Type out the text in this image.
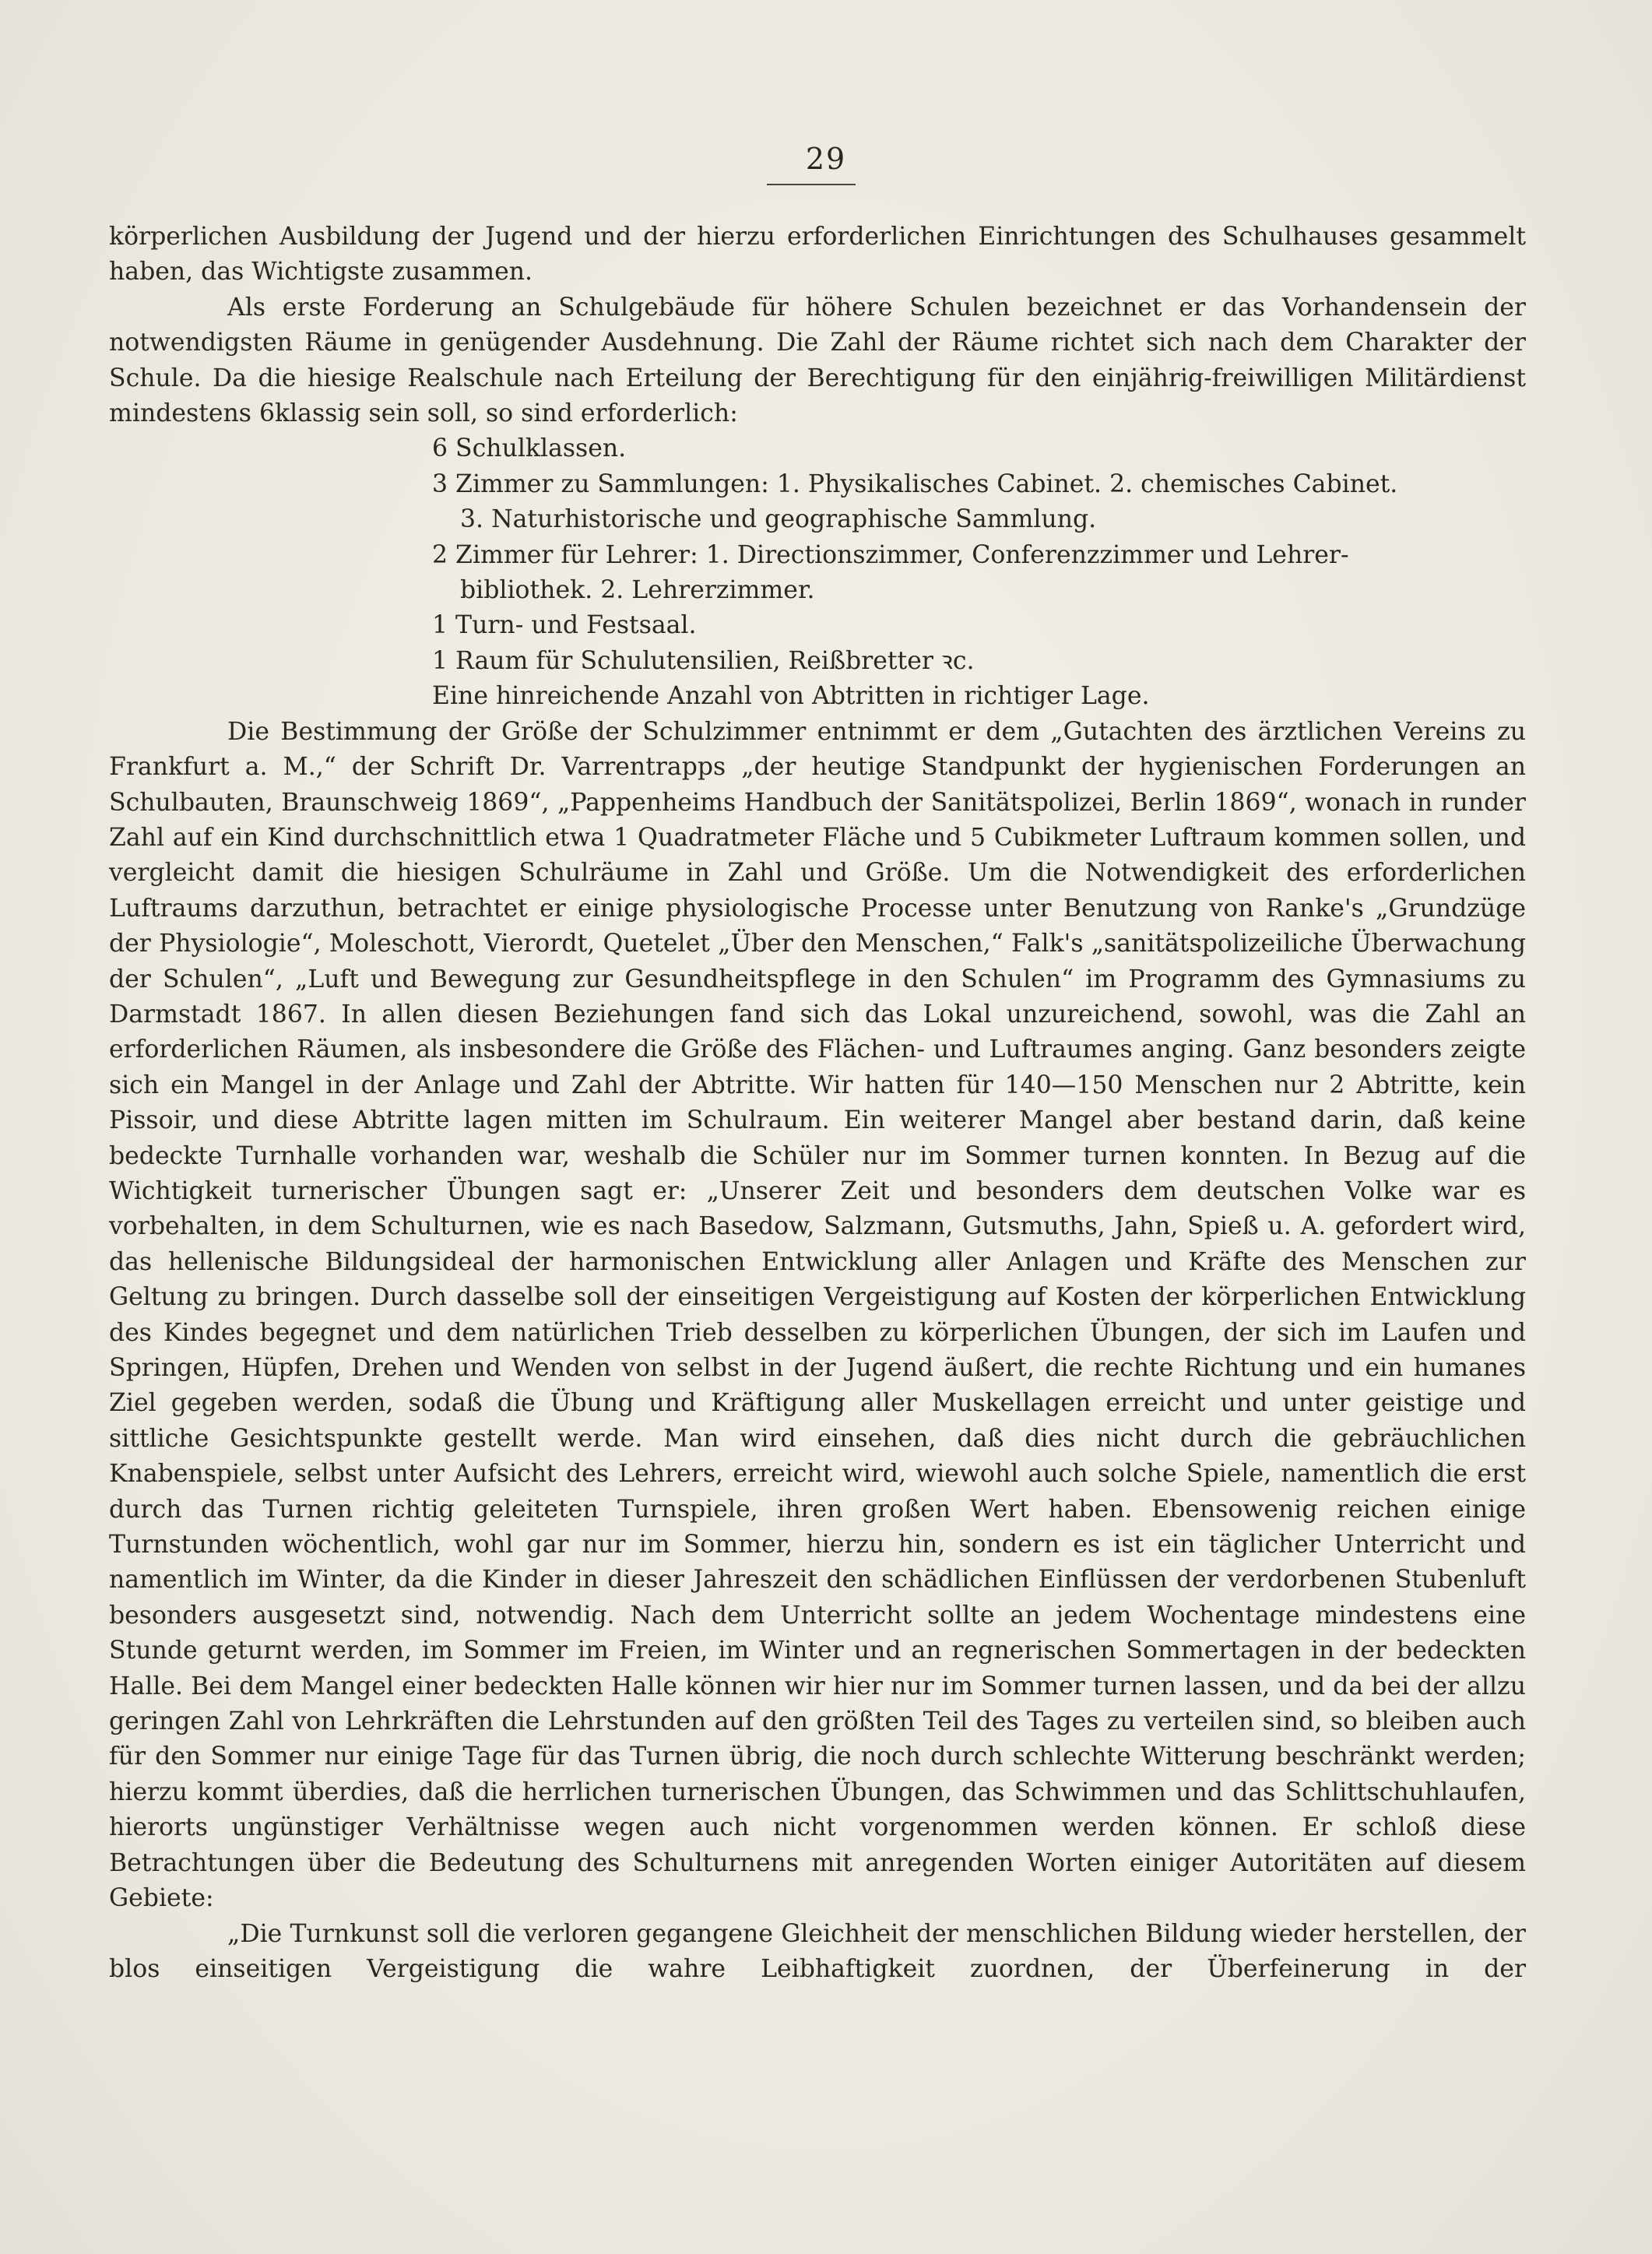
29

körperlichen Ausbildung der Jugend und der hierzu erforderlichen Einrichtungen des Schulhauses gesammelt haben, das Wichtigste zusammen.

Als erste Forderung an Schulgebäude für höhere Schulen bezeichnet er das Vorhandensein der notwendigsten Räume in genügender Ausdehnung. Die Zahl der Räume richtet sich nach dem Charakter der Schule. Da die hiesige Realschule nach Erteilung der Berechtigung für den einjährig-freiwilligen Militärdienst mindestens 6klassig sein soll, so sind erforderlich:

6 Schulklassen.
3 Zimmer zu Sammlungen: 1. Physikalisches Cabinet. 2. chemisches Cabinet.
3. Naturhistorische und geographische Sammlung.
2 Zimmer für Lehrer: 1. Directionszimmer, Conferenzzimmer und Lehrer-
bibliothek. 2. Lehrerzimmer.
1 Turn- und Festsaal.
1 Raum für Schulutensilien, Reißbretter ꝛc.
Eine hinreichende Anzahl von Abtritten in richtiger Lage.

Die Bestimmung der Größe der Schulzimmer entnimmt er dem „Gutachten des ärztlichen Vereins zu Frankfurt a. M.,“ der Schrift Dr. Varrentrapps „der heutige Standpunkt der hygienischen Forderungen an Schulbauten, Braunschweig 1869“, „Pappenheims Handbuch der Sanitätspolizei, Berlin 1869“, wonach in runder Zahl auf ein Kind durchschnittlich etwa 1 Quadratmeter Fläche und 5 Cubikmeter Luftraum kommen sollen, und vergleicht damit die hiesigen Schulräume in Zahl und Größe. Um die Notwendigkeit des erforderlichen Luftraums darzuthun, betrachtet er einige physiologische Processe unter Benutzung von Ranke's „Grundzüge der Physiologie“, Moleschott, Vierordt, Quetelet „Über den Menschen,“ Falk's „sanitätspolizeiliche Überwachung der Schulen“, „Luft und Bewegung zur Gesundheitspflege in den Schulen“ im Programm des Gymnasiums zu Darmstadt 1867. In allen diesen Beziehungen fand sich das Lokal unzureichend, sowohl, was die Zahl an erforderlichen Räumen, als insbesondere die Größe des Flächen- und Luftraumes anging. Ganz besonders zeigte sich ein Mangel in der Anlage und Zahl der Abtritte. Wir hatten für 140—150 Menschen nur 2 Abtritte, kein Pissoir, und diese Abtritte lagen mitten im Schulraum. Ein weiterer Mangel aber bestand darin, daß keine bedeckte Turnhalle vorhanden war, weshalb die Schüler nur im Sommer turnen konnten. In Bezug auf die Wichtigkeit turnerischer Übungen sagt er: „Unserer Zeit und besonders dem deutschen Volke war es vorbehalten, in dem Schulturnen, wie es nach Basedow, Salzmann, Gutsmuths, Jahn, Spieß u. A. gefordert wird, das hellenische Bildungsideal der harmonischen Entwicklung aller Anlagen und Kräfte des Menschen zur Geltung zu bringen. Durch dasselbe soll der einseitigen Vergeistigung auf Kosten der körperlichen Entwicklung des Kindes begegnet und dem natürlichen Trieb desselben zu körperlichen Übungen, der sich im Laufen und Springen, Hüpfen, Drehen und Wenden von selbst in der Jugend äußert, die rechte Richtung und ein humanes Ziel gegeben werden, sodaß die Übung und Kräftigung aller Muskellagen erreicht und unter geistige und sittliche Gesichtspunkte gestellt werde. Man wird einsehen, daß dies nicht durch die gebräuchlichen Knabenspiele, selbst unter Aufsicht des Lehrers, erreicht wird, wiewohl auch solche Spiele, namentlich die erst durch das Turnen richtig geleiteten Turnspiele, ihren großen Wert haben. Ebensowenig reichen einige Turnstunden wöchentlich, wohl gar nur im Sommer, hierzu hin, sondern es ist ein täglicher Unterricht und namentlich im Winter, da die Kinder in dieser Jahreszeit den schädlichen Einflüssen der verdorbenen Stubenluft besonders ausgesetzt sind, notwendig. Nach dem Unterricht sollte an jedem Wochentage mindestens eine Stunde geturnt werden, im Sommer im Freien, im Winter und an regnerischen Sommertagen in der bedeckten Halle. Bei dem Mangel einer bedeckten Halle können wir hier nur im Sommer turnen lassen, und da bei der allzu geringen Zahl von Lehrkräften die Lehrstunden auf den größten Teil des Tages zu verteilen sind, so bleiben auch für den Sommer nur einige Tage für das Turnen übrig, die noch durch schlechte Witterung beschränkt werden; hierzu kommt überdies, daß die herrlichen turnerischen Übungen, das Schwimmen und das Schlittschuhlaufen, hierorts ungünstiger Verhältnisse wegen auch nicht vorgenommen werden können. Er schloß diese Betrachtungen über die Bedeutung des Schulturnens mit anregenden Worten einiger Autoritäten auf diesem Gebiete:

„Die Turnkunst soll die verloren gegangene Gleichheit der menschlichen Bildung wieder herstellen, der blos einseitigen Vergeistigung die wahre Leibhaftigkeit zuordnen, der Überfeinerung in der
